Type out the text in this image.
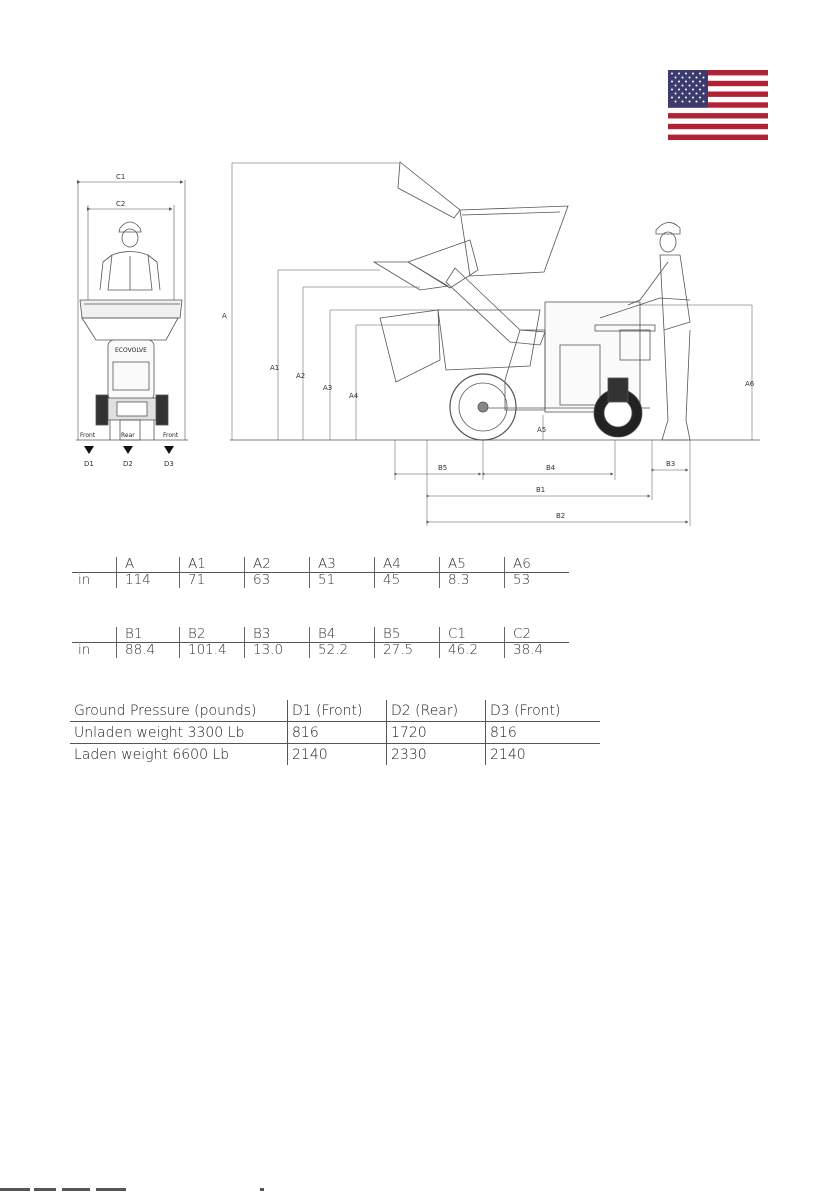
ECOVOLVE
C1
C2
Front	Rear	Front
D1	D2	D3
A
A1
A2
A3
A4
A5
A6
B5	B4	B3
B1
B2
	A	A1	A2	A3	A4	A5	A6
in	114	71	63	51	45	8.3	53
	B1	B2	B3	B4	B5	C1	C2
in	88.4	101.4	13.0	52.2	27.5	46.2	38.4
Ground Pressure (pounds)	D1 (Front)	D2 (Rear)	D3 (Front)
Unladen weight 3300 Lb	816	1720	816
Laden weight 6600 Lb	2140	2330	2140
